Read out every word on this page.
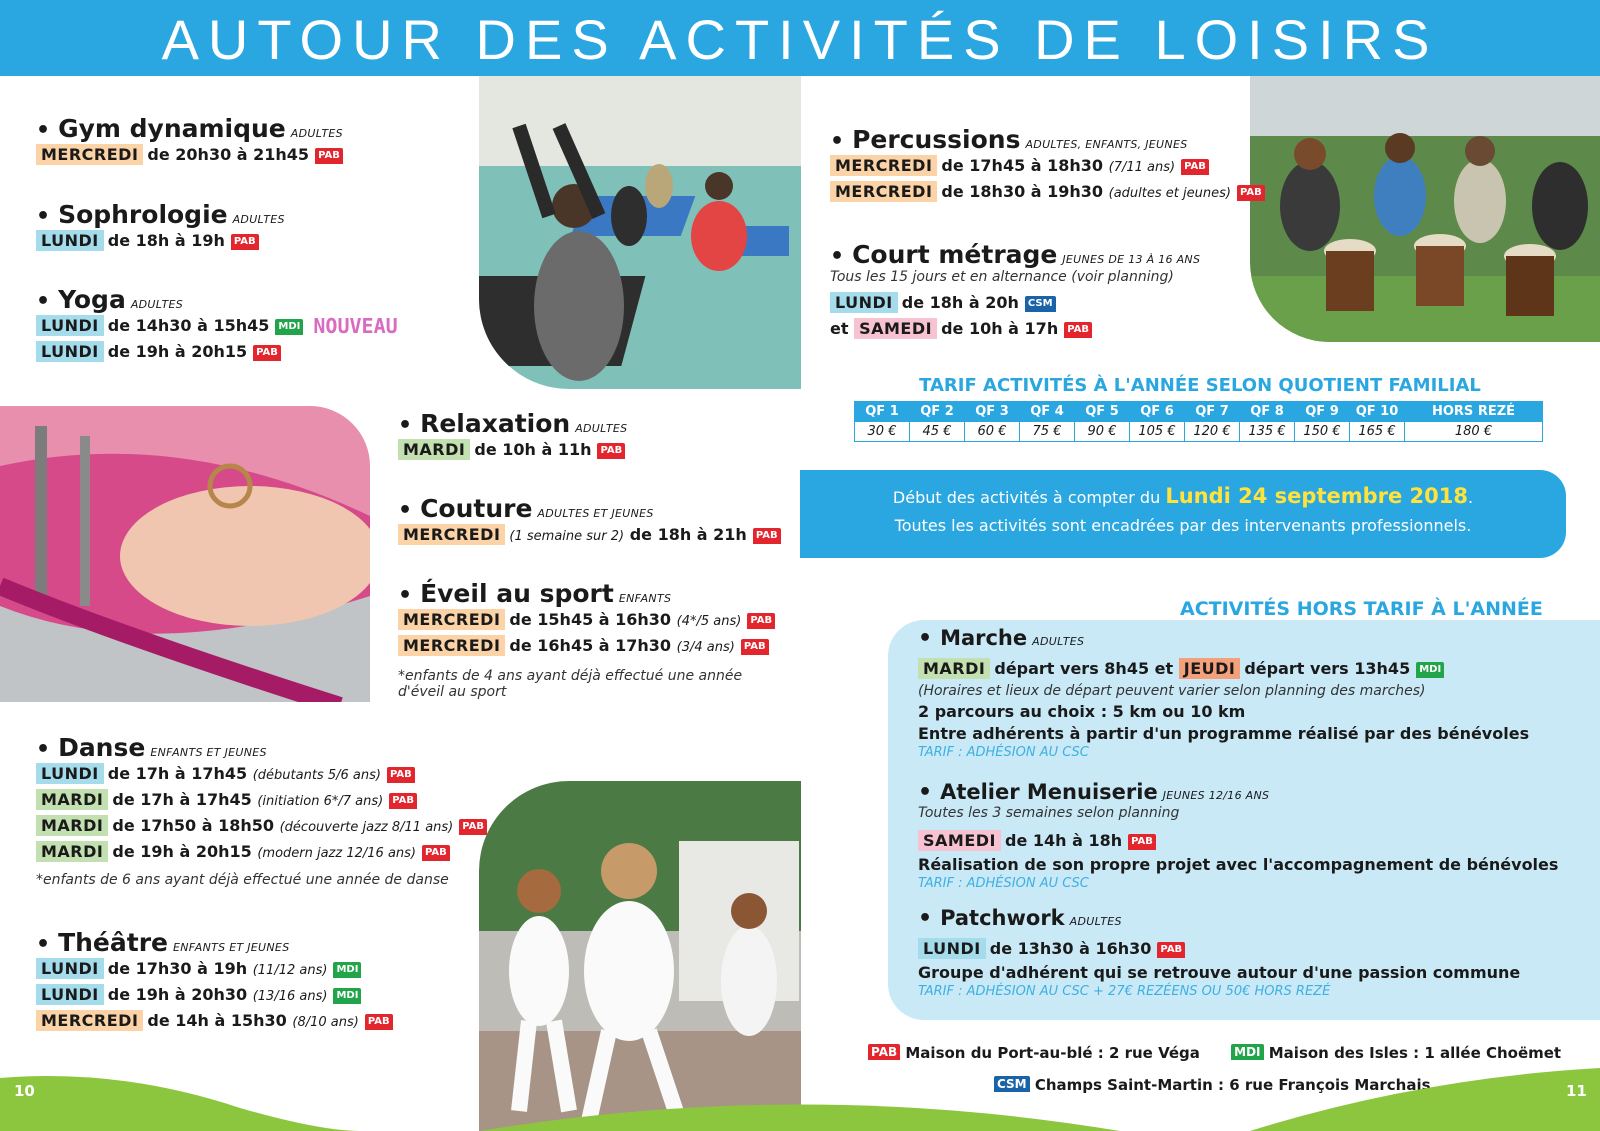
AUTOUR DES ACTIVITÉS DE LOISIRS
• Gym dynamique ADULTES
MERCREDI de 20h30 à 21h45 PAB
• Sophrologie ADULTES
LUNDI de 18h à 19h PAB
• Yoga ADULTES
LUNDI de 14h30 à 15h45 MDI NOUVEAU
LUNDI de 19h à 20h15 PAB
• Relaxation ADULTES
MARDI de 10h à 11h PAB
• Couture ADULTES ET JEUNES
MERCREDI (1 semaine sur 2) de 18h à 21h PAB
• Éveil au sport ENFANTS
MERCREDI de 15h45 à 16h30 (4*/5 ans) PAB
MERCREDI de 16h45 à 17h30 (3/4 ans) PAB
*enfants de 4 ans ayant déjà effectué une année
d'éveil au sport
• Danse ENFANTS ET JEUNES
LUNDI de 17h à 17h45 (débutants 5/6 ans) PAB
MARDI de 17h à 17h45 (initiation 6*/7 ans) PAB
MARDI de 17h50 à 18h50 (découverte jazz 8/11 ans) PAB
MARDI de 19h à 20h15 (modern jazz 12/16 ans) PAB
*enfants de 6 ans ayant déjà effectué une année de danse
• Théâtre ENFANTS ET JEUNES
LUNDI de 17h30 à 19h (11/12 ans) MDI
LUNDI de 19h à 20h30 (13/16 ans) MDI
MERCREDI de 14h à 15h30 (8/10 ans) PAB
• Percussions ADULTES, ENFANTS, JEUNES
MERCREDI de 17h45 à 18h30 (7/11 ans) PAB
MERCREDI de 18h30 à 19h30 (adultes et jeunes) PAB
• Court métrage JEUNES DE 13 À 16 ANS
Tous les 15 jours et en alternance (voir planning)
LUNDI de 18h à 20h CSM
et SAMEDI de 10h à 17h PAB
TARIF ACTIVITÉS À L'ANNÉE SELON QUOTIENT FAMILIAL
QF 1	QF 2	QF 3	QF 4	QF 5	QF 6	QF 7	QF 8	QF 9	QF 10	HORS REZÉ
30 €	45 €	60 €	75 €	90 €	105 €	120 €	135 €	150 €	165 €	180 €
Début des activités à compter du Lundi 24 septembre 2018.
Toutes les activités sont encadrées par des intervenants professionnels.
ACTIVITÉS HORS TARIF À L'ANNÉE
• Marche ADULTES
MARDI départ vers 8h45 et JEUDI départ vers 13h45 MDI
(Horaires et lieux de départ peuvent varier selon planning des marches)
2 parcours au choix : 5 km ou 10 km
Entre adhérents à partir d'un programme réalisé par des bénévoles
TARIF : ADHÉSION AU CSC
• Atelier Menuiserie JEUNES 12/16 ANS
Toutes les 3 semaines selon planning
SAMEDI de 14h à 18h PAB
Réalisation de son propre projet avec l'accompagnement de bénévoles
TARIF : ADHÉSION AU CSC
• Patchwork ADULTES
LUNDI de 13h30 à 16h30 PAB
Groupe d'adhérent qui se retrouve autour d'une passion commune
TARIF : ADHÉSION AU CSC + 27€ REZÉENS OU 50€ HORS REZÉ
PAB Maison du Port-au-blé : 2 rue Véga	MDI Maison des Isles : 1 allée Choëmet
CSM Champs Saint-Martin : 6 rue François Marchais
10	11
